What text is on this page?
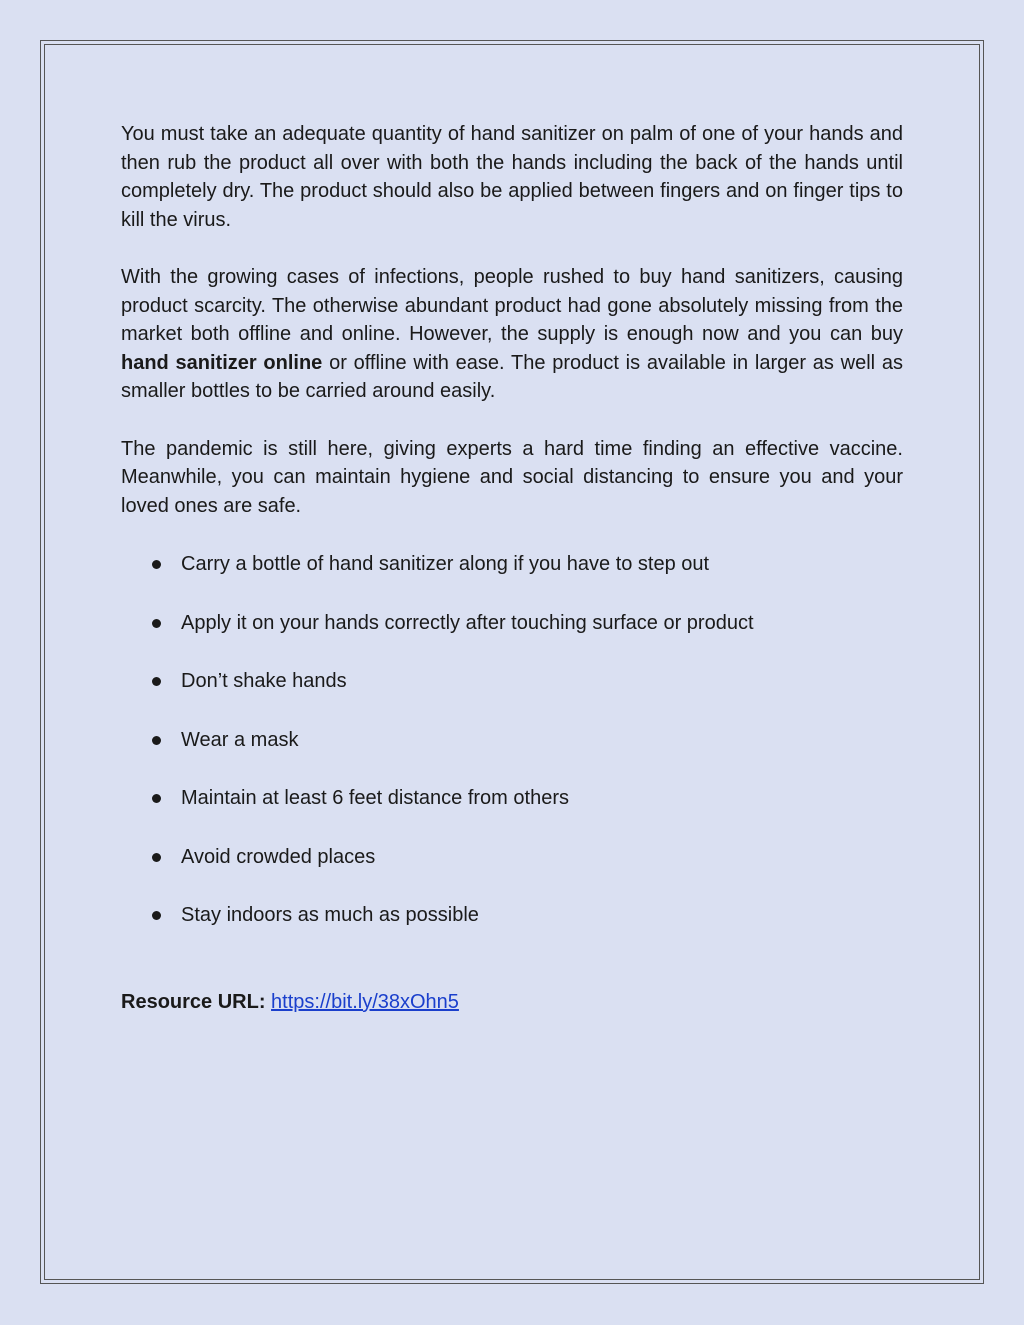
You must take an adequate quantity of hand sanitizer on palm of one of your hands and then rub the product all over with both the hands including the back of the hands until completely dry. The product should also be applied between fingers and on finger tips to kill the virus.

With the growing cases of infections, people rushed to buy hand sanitizers, causing product scarcity. The otherwise abundant product had gone absolutely missing from the market both offline and online. However, the supply is enough now and you can buy hand sanitizer online or offline with ease. The product is available in larger as well as smaller bottles to be carried around easily.

The pandemic is still here, giving experts a hard time finding an effective vaccine. Meanwhile, you can maintain hygiene and social distancing to ensure you and your loved ones are safe.

Carry a bottle of hand sanitizer along if you have to step out
Apply it on your hands correctly after touching surface or product
Don’t shake hands
Wear a mask
Maintain at least 6 feet distance from others
Avoid crowded places
Stay indoors as much as possible
Resource URL: https://bit.ly/38xOhn5
